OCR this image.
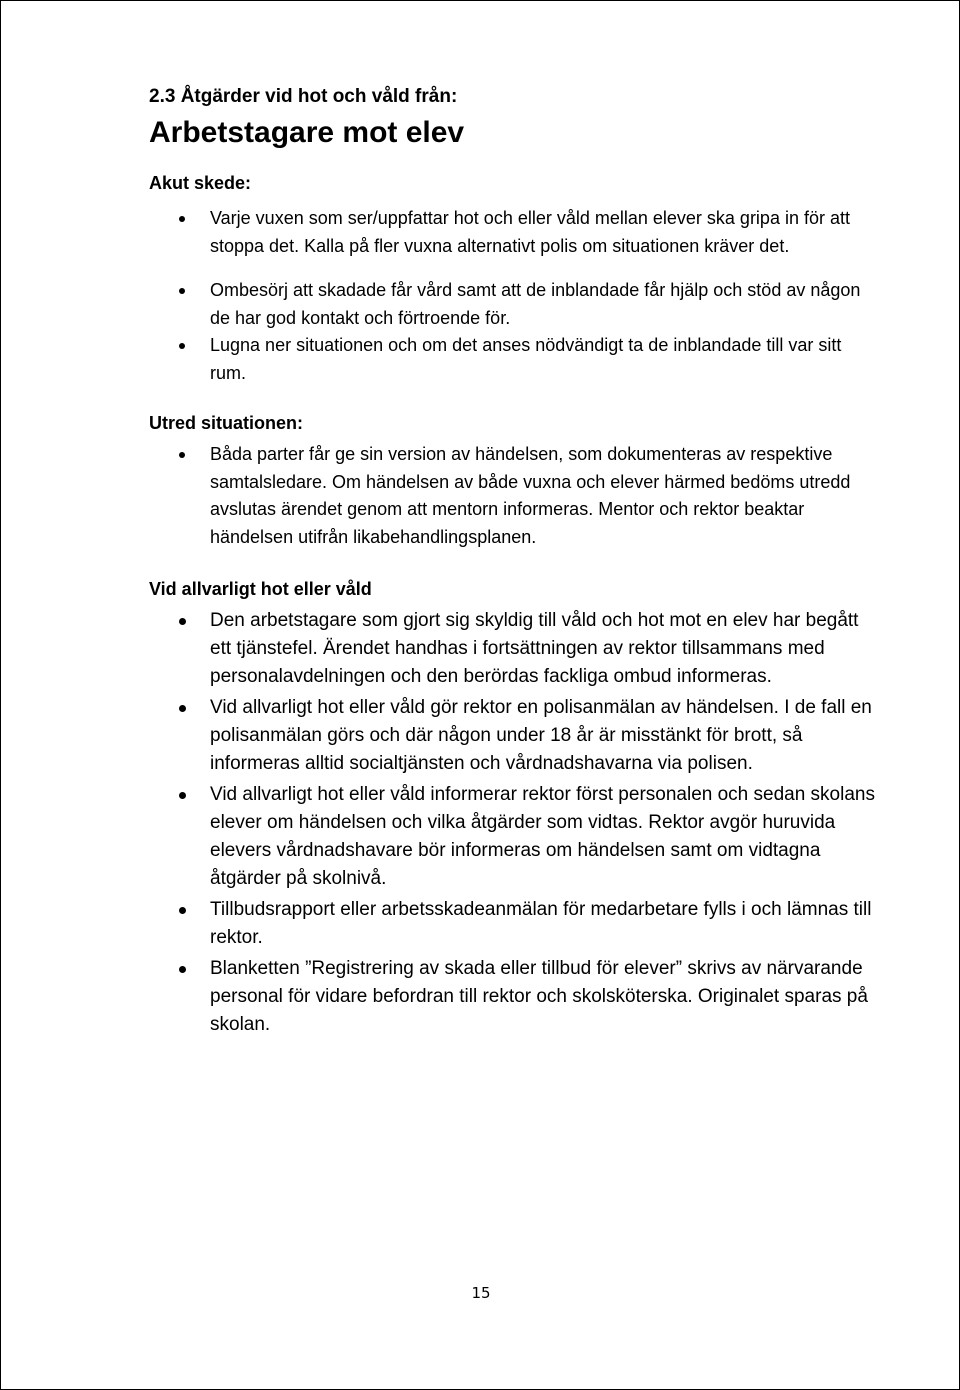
2.3 Åtgärder vid hot och våld från:

Arbetstagare mot elev
Akut skede:
Varje vuxen som ser/uppfattar hot och eller våld mellan elever ska gripa in för att stoppa det. Kalla på fler vuxna alternativt polis om situationen kräver det.
Ombesörj att skadade får vård samt att de inblandade får hjälp och stöd av någon de har god kontakt och förtroende för.
Lugna ner situationen och om det anses nödvändigt ta de inblandade till var sitt rum.
Utred situationen:
Båda parter får ge sin version av händelsen, som dokumenteras av respektive samtalsledare. Om händelsen av både vuxna och elever härmed bedöms utredd avslutas ärendet genom att mentorn informeras. Mentor och rektor beaktar händelsen utifrån likabehandlingsplanen.
Vid allvarligt hot eller våld
Den arbetstagare som gjort sig skyldig till våld och hot mot en elev har begått ett tjänstefel. Ärendet handhas i fortsättningen av rektor tillsammans med personalavdelningen och den berördas fackliga ombud informeras.
Vid allvarligt hot eller våld gör rektor en polisanmälan av händelsen. I de fall en polisanmälan görs och där någon under 18 år är misstänkt för brott, så informeras alltid socialtjänsten och vårdnadshavarna via polisen.
Vid allvarligt hot eller våld informerar rektor först personalen och sedan skolans elever om händelsen och vilka åtgärder som vidtas. Rektor avgör huruvida elevers vårdnadshavare bör informeras om händelsen samt om vidtagna åtgärder på skolnivå.
Tillbudsrapport eller arbetsskadeanmälan för medarbetare fylls i och lämnas till rektor.
Blanketten ”Registrering av skada eller tillbud för elever” skrivs av närvarande personal för vidare befordran till rektor och skolsköterska. Originalet sparas på skolan.
15
